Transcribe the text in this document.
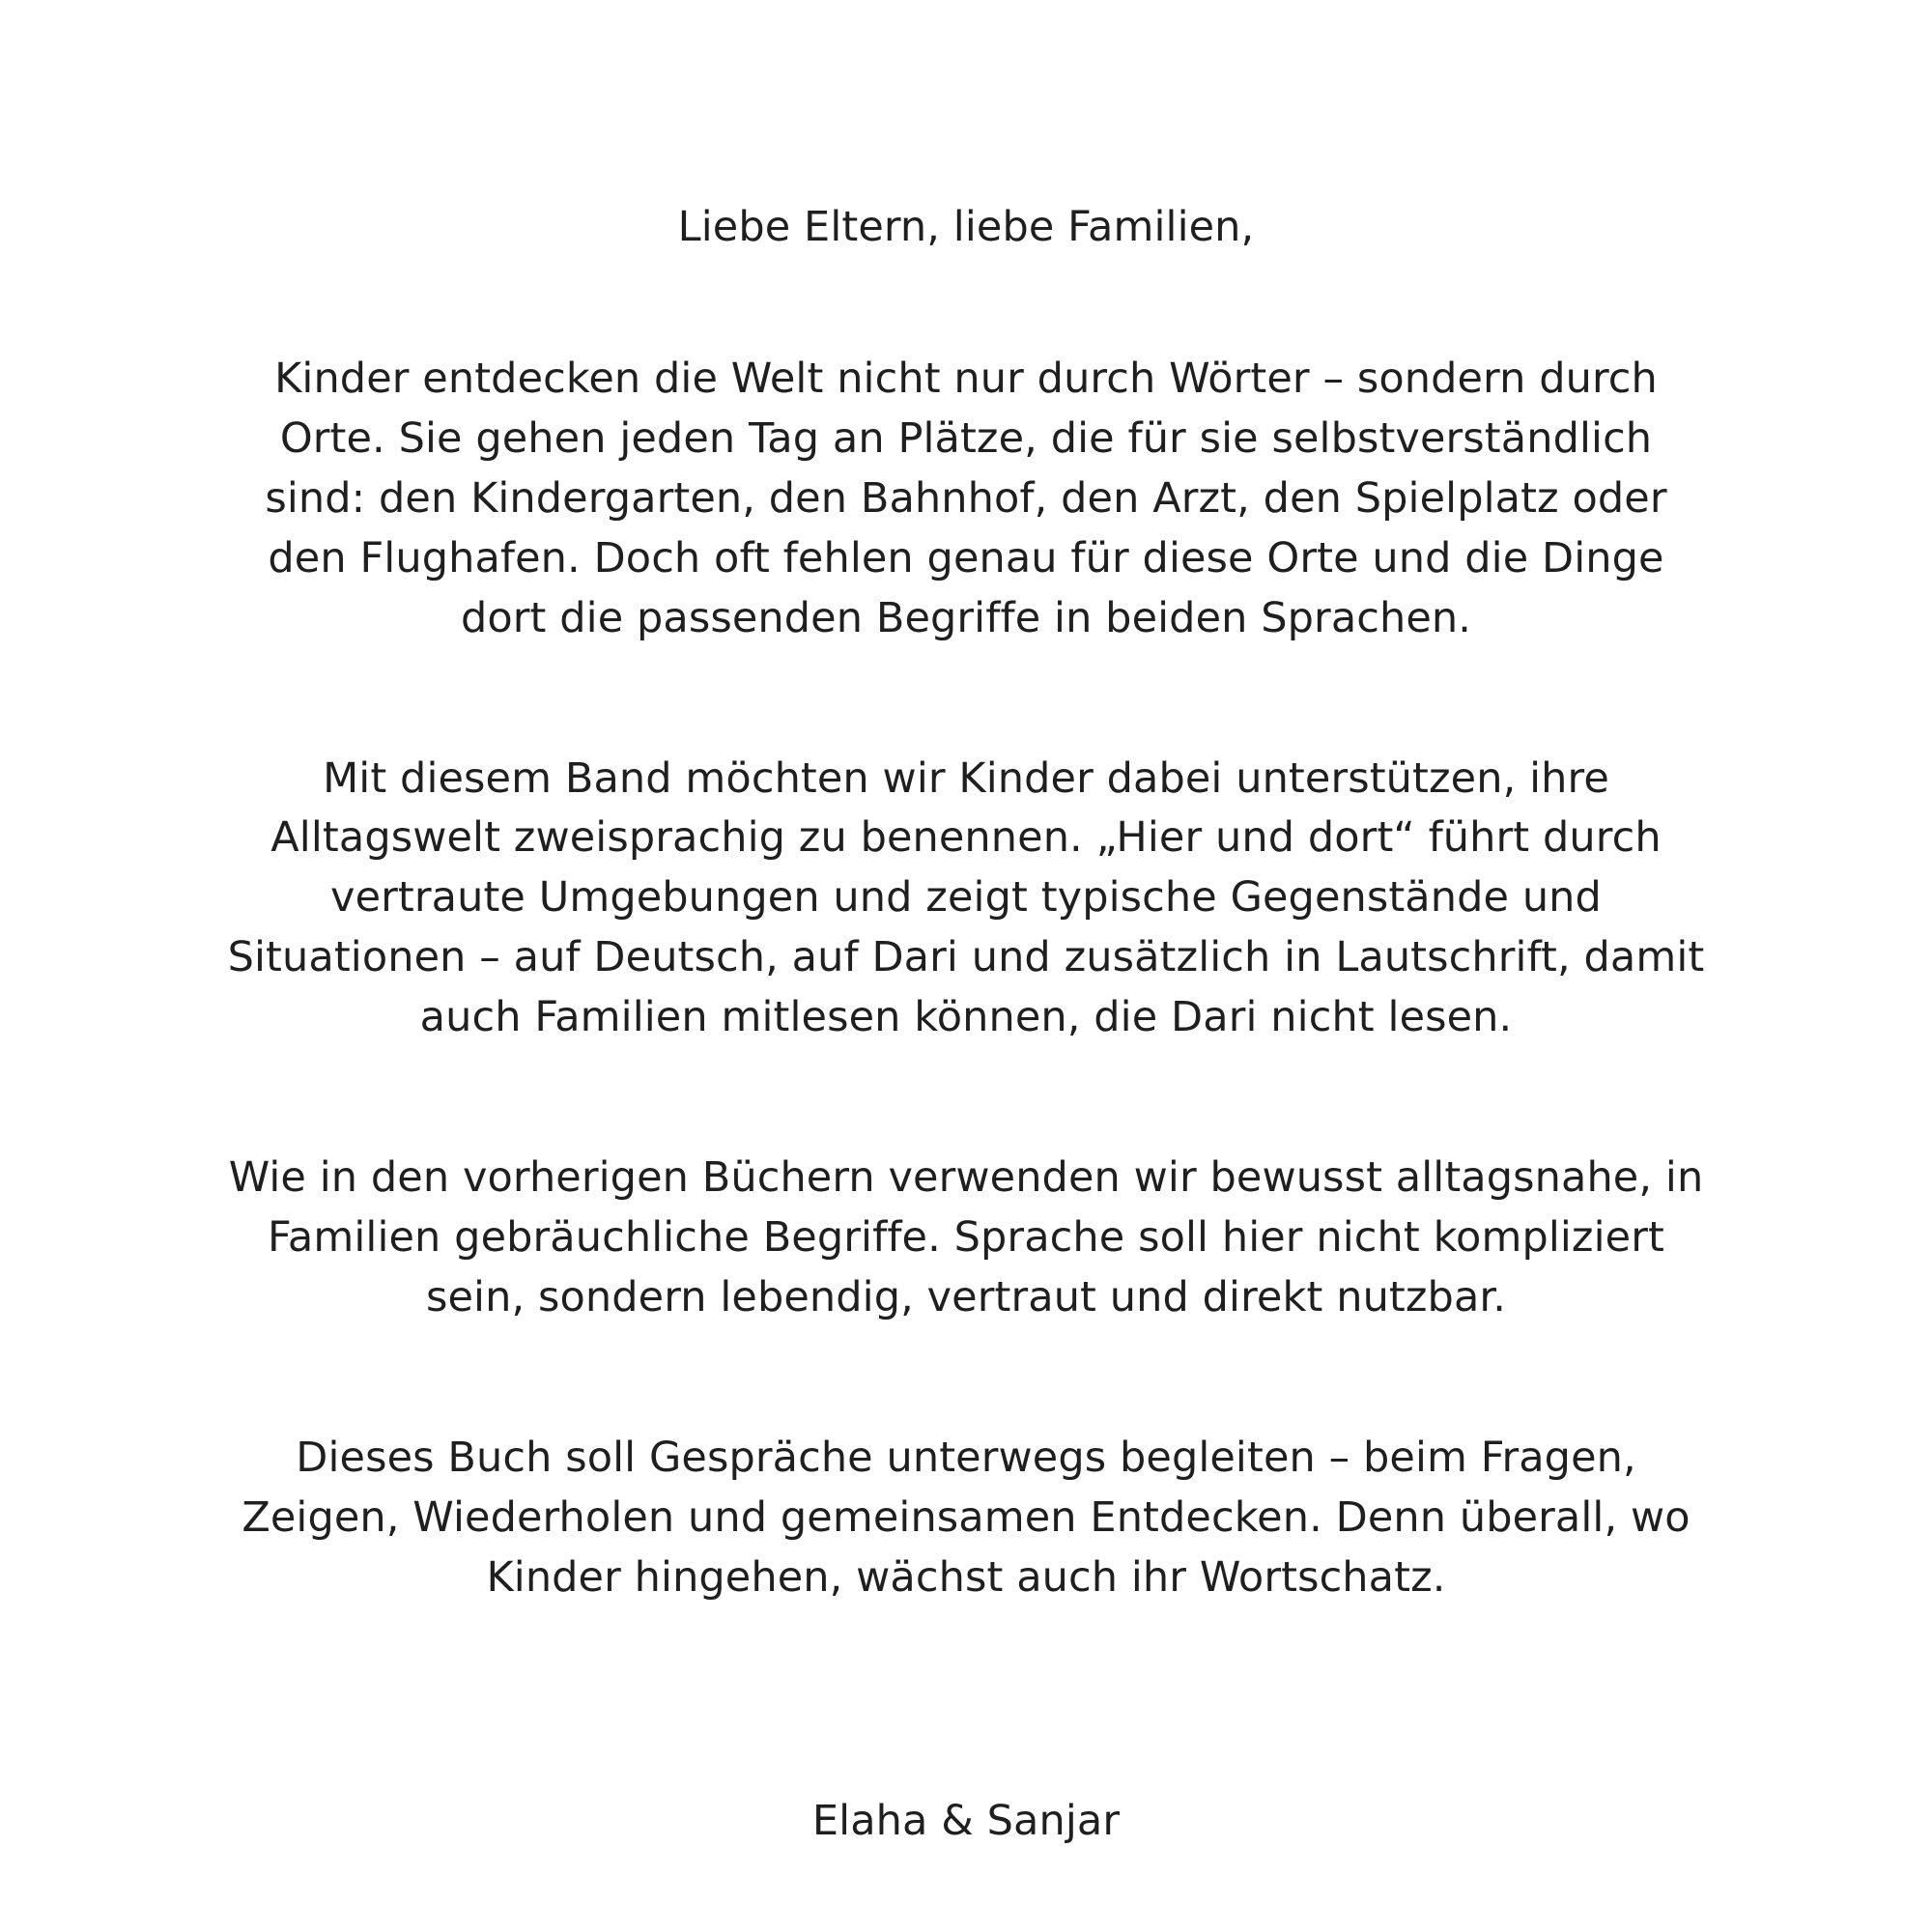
Liebe Eltern, liebe Familien,

Kinder entdecken die Welt nicht nur durch Wörter – sondern durch Orte. Sie gehen jeden Tag an Plätze, die für sie selbstverständlich sind: den Kindergarten, den Bahnhof, den Arzt, den Spielplatz oder den Flughafen. Doch oft fehlen genau für diese Orte und die Dinge dort die passenden Begriffe in beiden Sprachen.

Mit diesem Band möchten wir Kinder dabei unterstützen, ihre Alltagswelt zweisprachig zu benennen. „Hier und dort“ führt durch vertraute Umgebungen und zeigt typische Gegenstände und Situationen – auf Deutsch, auf Dari und zusätzlich in Lautschrift, damit auch Familien mitlesen können, die Dari nicht lesen.

Wie in den vorherigen Büchern verwenden wir bewusst alltagsnahe, in Familien gebräuchliche Begriffe. Sprache soll hier nicht kompliziert sein, sondern lebendig, vertraut und direkt nutzbar.

Dieses Buch soll Gespräche unterwegs begleiten – beim Fragen, Zeigen, Wiederholen und gemeinsamen Entdecken. Denn überall, wo Kinder hingehen, wächst auch ihr Wortschatz.

Elaha & Sanjar
